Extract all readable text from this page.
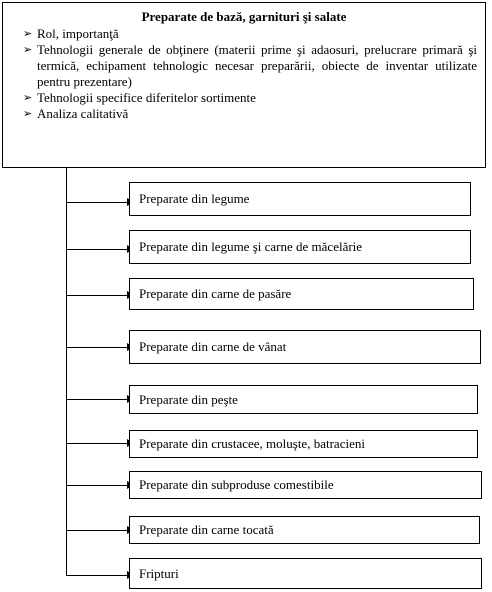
Preparate de bază, garnituri şi salate
➢ Rol, importanţă
➢ Tehnologii generale de obţinere (materii prime şi adaosuri, prelucrare primară şi termică, echipament tehnologic necesar preparării, obiecte de inventar utilizate pentru prezentare)
➢ Tehnologii specifice diferitelor sortimente
➢ Analiza calitativă
Preparate din legume
Preparate din legume şi carne de măcelărie
Preparate din carne de pasăre
Preparate din carne de vânat
Preparate din peşte
Preparate din crustacee, moluşte, batracieni
Preparate din subproduse comestibile
Preparate din carne tocată
Fripturi
